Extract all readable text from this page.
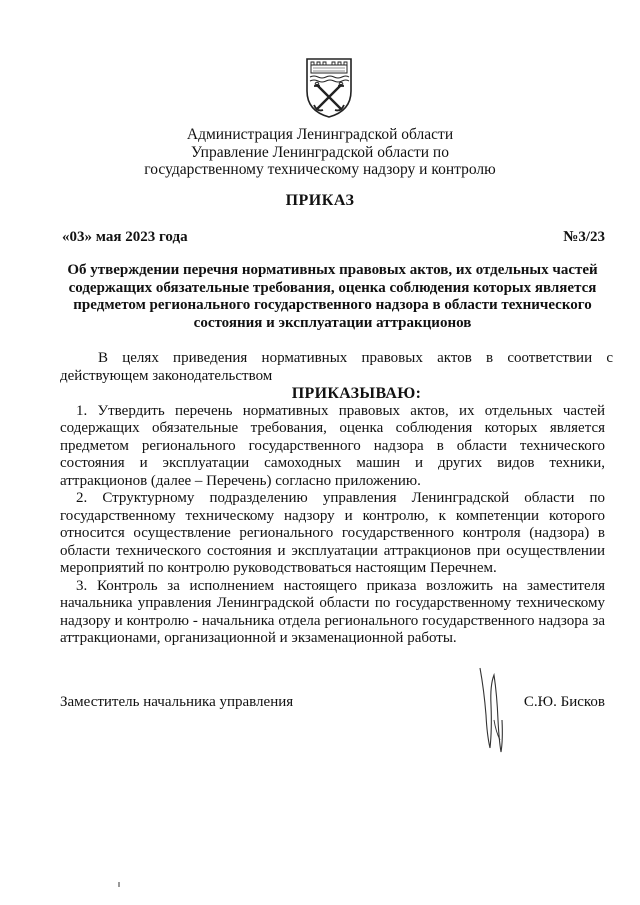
Администрация Ленинградской области
Управление Ленинградской области по
государственному техническому надзору и контролю
ПРИКАЗ
«03» мая 2023 года	№3/23
Об утверждении перечня нормативных правовых актов, их отдельных частей содержащих обязательные требования, оценка соблюдения которых является предметом регионального государственного надзора в области технического состояния и эксплуатации аттракционов

В целях приведения нормативных правовых актов в соответствии с действующем законодательством

ПРИКАЗЫВАЮ:

1. Утвердить перечень нормативных правовых актов, их отдельных частей содержащих обязательные требования, оценка соблюдения которых является предметом регионального государственного надзора в области технического состояния и эксплуатации самоходных машин и других видов техники, аттракционов (далее – Перечень) согласно приложению.

2. Структурному подразделению управления Ленинградской области по государственному техническому надзору и контролю, к компетенции которого относится осуществление регионального государственного контроля (надзора) в области технического состояния и эксплуатации аттракционов при осуществлении мероприятий по контролю руководствоваться настоящим Перечнем.

3. Контроль за исполнением настоящего приказа возложить на заместителя начальника управления Ленинградской области по государственному техническому надзору и контролю - начальника отдела регионального государственного надзора за аттракционами, организационной и экзаменационной работы.

Заместитель начальника управления	С.Ю. Бисков
